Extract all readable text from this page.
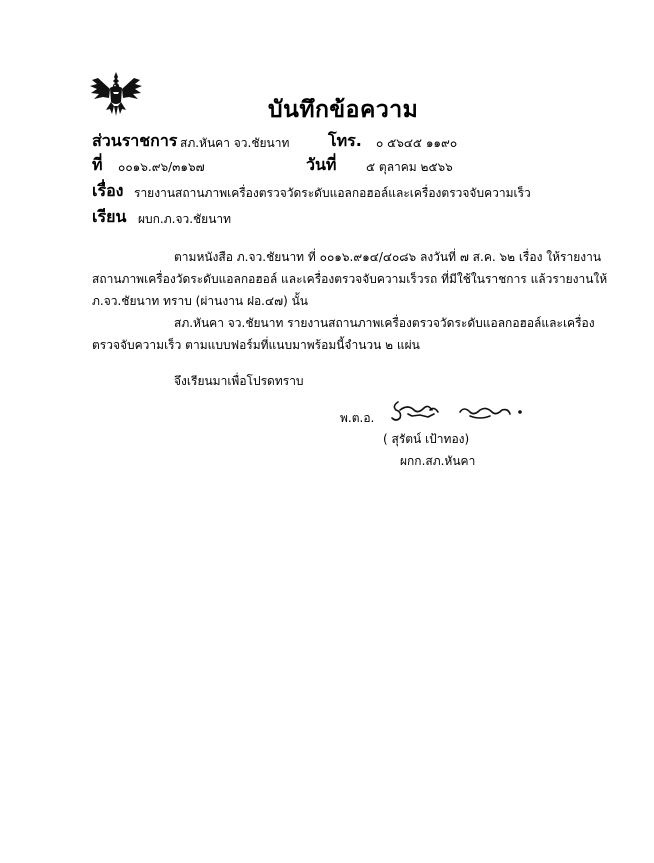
บันทึกข้อความ
ส่วนราชการ สภ.หันคา จว.ชัยนาท โทร. ๐ ๕๖๔๕ ๑๑๙๐
ที่ ๐๐๑๖.๙๖/๓๑๖๗	วันที่ ๕ ตุลาคม ๒๕๖๖
เรื่อง รายงานสถานภาพเครื่องตรวจวัดระดับแอลกอฮอล์และเครื่องตรวจจับความเร็ว
เรียน ผบก.ภ.จว.ชัยนาท
ตามหนังสือ ภ.จว.ชัยนาท ที่ ๐๐๑๖.๙๑๔/๔๐๘๖ ลงวันที่ ๗ ส.ค. ๖๒ เรื่อง ให้รายงาน
สถานภาพเครื่องวัดระดับแอลกอฮอล์ และเครื่องตรวจจับความเร็วรถ ที่มีใช้ในราชการ แล้วรายงานให้
ภ.จว.ชัยนาท ทราบ (ผ่านงาน ฝอ.๔๗) นั้น
สภ.หันคา จว.ชัยนาท รายงานสถานภาพเครื่องตรวจวัดระดับแอลกอฮอล์และเครื่อง
ตรวจจับความเร็ว ตามแบบฟอร์มที่แนบมาพร้อมนี้จำนวน ๒ แผ่น
จึงเรียนมาเพื่อโปรดทราบ
พ.ต.อ.
( สุรัตน์ เป้าทอง)
ผกก.สภ.หันคา
